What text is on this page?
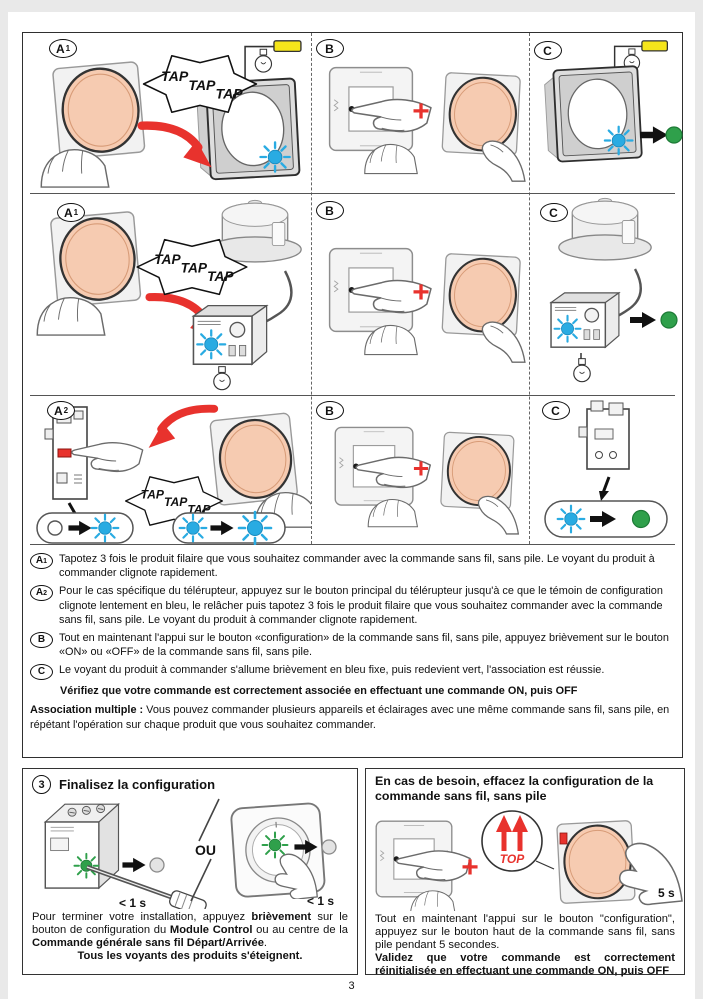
+
+
+
A 1	B	C
A 1	B	C
A 2	B	C
A 1 Tapotez 3 fois le produit filaire que vous souhaitez commander avec la commande sans fil, sans pile. Le voyant du produit à commander clignote rapidement.
A 2 Pour le cas spécifique du télérupteur, appuyez sur le bouton principal du télérupteur jusqu'à ce que le témoin de configuration clignote lentement en bleu, le relâcher puis tapotez 3 fois le produit filaire que vous souhaitez commander avec la commande sans fil, sans pile. Le voyant du produit à commander clignote rapidement.
B Tout en maintenant l'appui sur le bouton «configuration» de la commande sans fil, sans pile, appuyez brièvement sur le bouton «ON» ou «OFF» de la commande sans fil, sans pile.
C Le voyant du produit à commander s'allume brièvement en bleu fixe, puis redevient vert, l'association est réussie.
Vérifiez que votre commande est correctement associée en effectuant une commande ON, puis OFF
Association multiple : Vous pouvez commander plusieurs appareils et éclairages avec une même commande sans fil, sans pile, en répétant l'opération sur chaque produit que vous souhaitez commander.
3	Finalisez la configuration
< 1 s
OU
< 1 s
Pour terminer votre installation, appuyez brièvement sur le bouton de configuration du Module Control ou au centre de la Commande générale sans fil Départ/Arrivée.
Tous les voyants des produits s'éteignent.
En cas de besoin, effacez la configuration de la commande sans fil, sans pile
+ TOP
5 s
Tout en maintenant l'appui sur le bouton "configuration", appuyez sur le bouton haut de la commande sans fil, sans pile pendant 5 secondes.
Validez que votre commande est correctement réinitialisée en effectuant une commande ON, puis OFF
3
